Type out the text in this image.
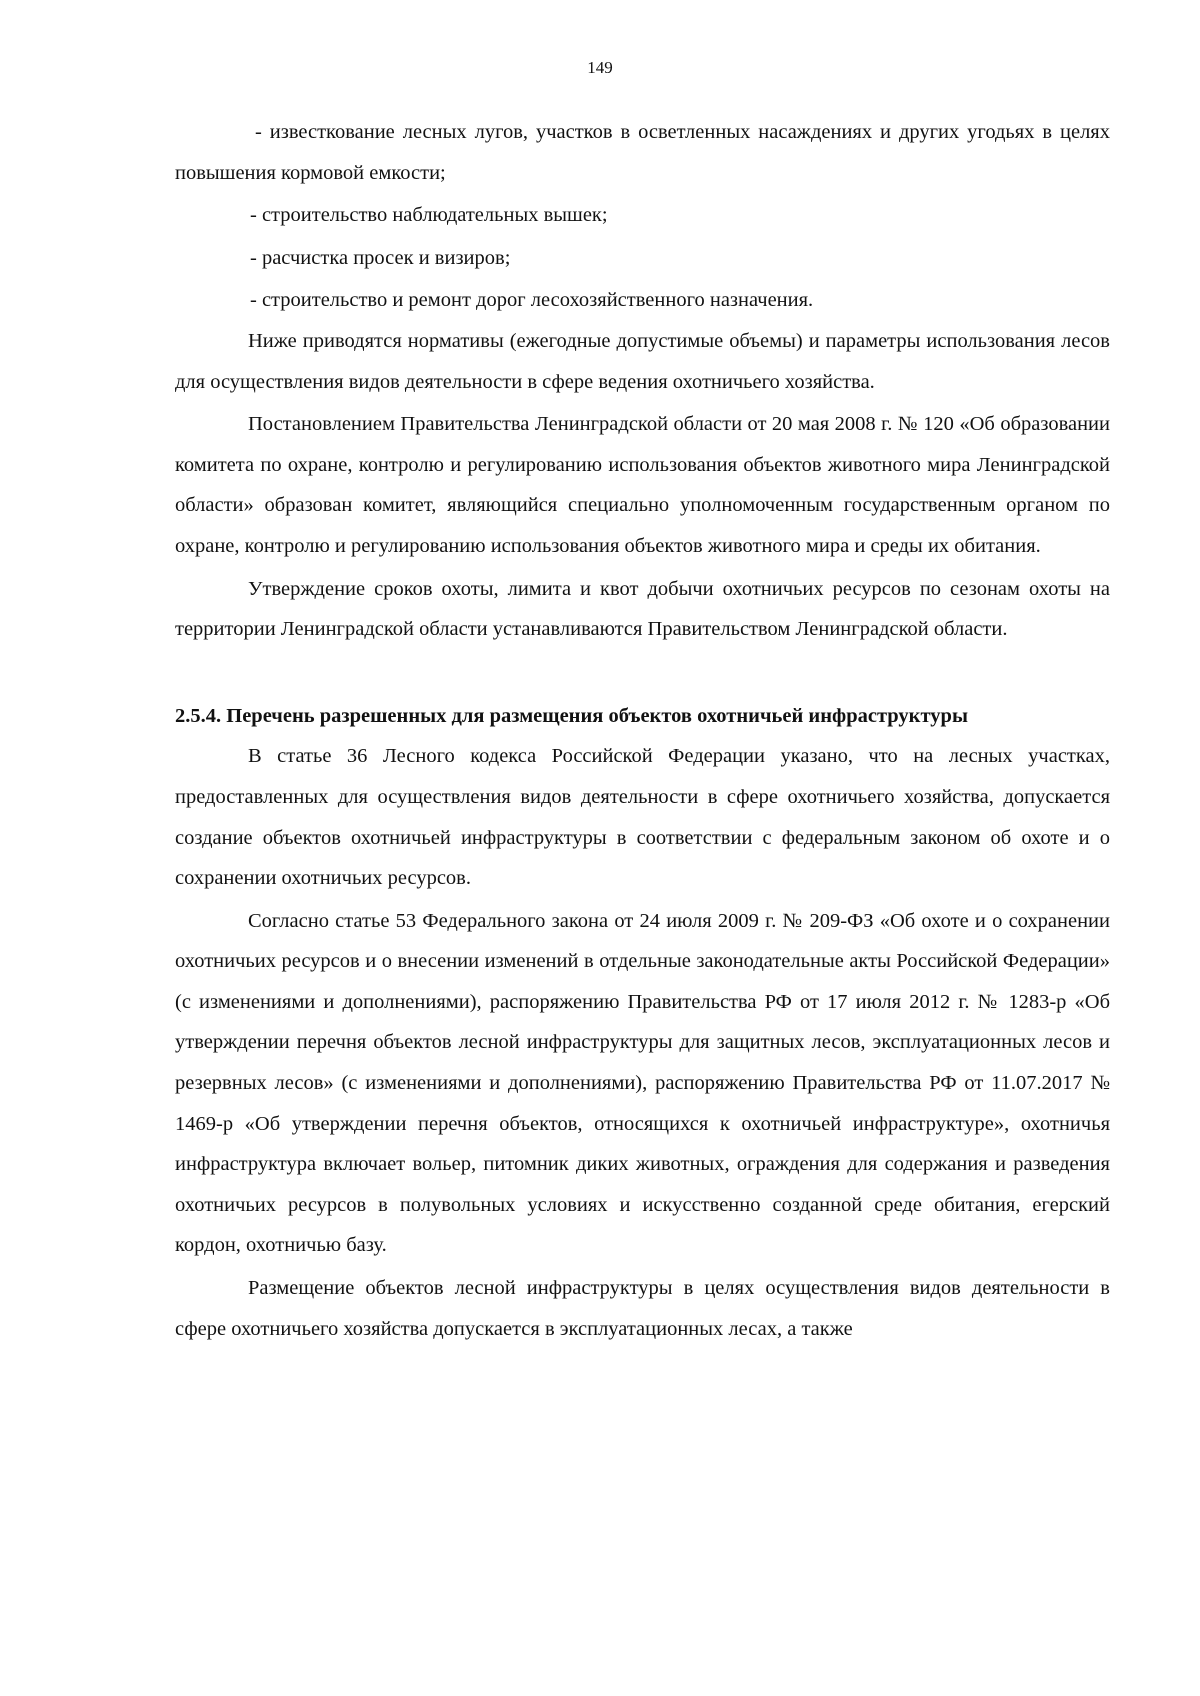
149

- известкование лесных лугов, участков в осветленных насаждениях и других угодьях в целях повышения кормовой емкости;

- строительство наблюдательных вышек;

- расчистка просек и визиров;

- строительство и ремонт дорог лесохозяйственного назначения.

Ниже приводятся нормативы (ежегодные допустимые объемы) и параметры использования лесов для осуществления видов деятельности в сфере ведения охотничьего хозяйства.

Постановлением Правительства Ленинградской области от 20 мая 2008 г. № 120 «Об образовании комитета по охране, контролю и регулированию использования объектов животного мира Ленинградской области» образован комитет, являющийся специально уполномоченным государственным органом по охране, контролю и регулированию использования объектов животного мира и среды их обитания.

Утверждение сроков охоты, лимита и квот добычи охотничьих ресурсов по сезонам охоты на территории Ленинградской области устанавливаются Правительством Ленинградской области.

2.5.4. Перечень разрешенных для размещения объектов охотничьей инфраструктуры

В статье 36 Лесного кодекса Российской Федерации указано, что на лесных участках, предоставленных для осуществления видов деятельности в сфере охотничьего хозяйства, допускается создание объектов охотничьей инфраструктуры в соответствии с федеральным законом об охоте и о сохранении охотничьих ресурсов.

Согласно статье 53 Федерального закона от 24 июля 2009 г. № 209-ФЗ «Об охоте и о сохранении охотничьих ресурсов и о внесении изменений в отдельные законодательные акты Российской Федерации» (с изменениями и дополнениями), распоряжению Правительства РФ от 17 июля 2012 г. № 1283-р «Об утверждении перечня объектов лесной инфраструктуры для защитных лесов, эксплуатационных лесов и резервных лесов» (с изменениями и дополнениями), распоряжению Правительства РФ от 11.07.2017 № 1469-р «Об утверждении перечня объектов, относящихся к охотничьей инфраструктуре», охотничья инфраструктура включает вольер, питомник диких животных, ограждения для содержания и разведения охотничьих ресурсов в полувольных условиях и искусственно созданной среде обитания, егерский кордон, охотничью базу.

Размещение объектов лесной инфраструктуры в целях осуществления видов деятельности в сфере охотничьего хозяйства допускается в эксплуатационных лесах, а также
